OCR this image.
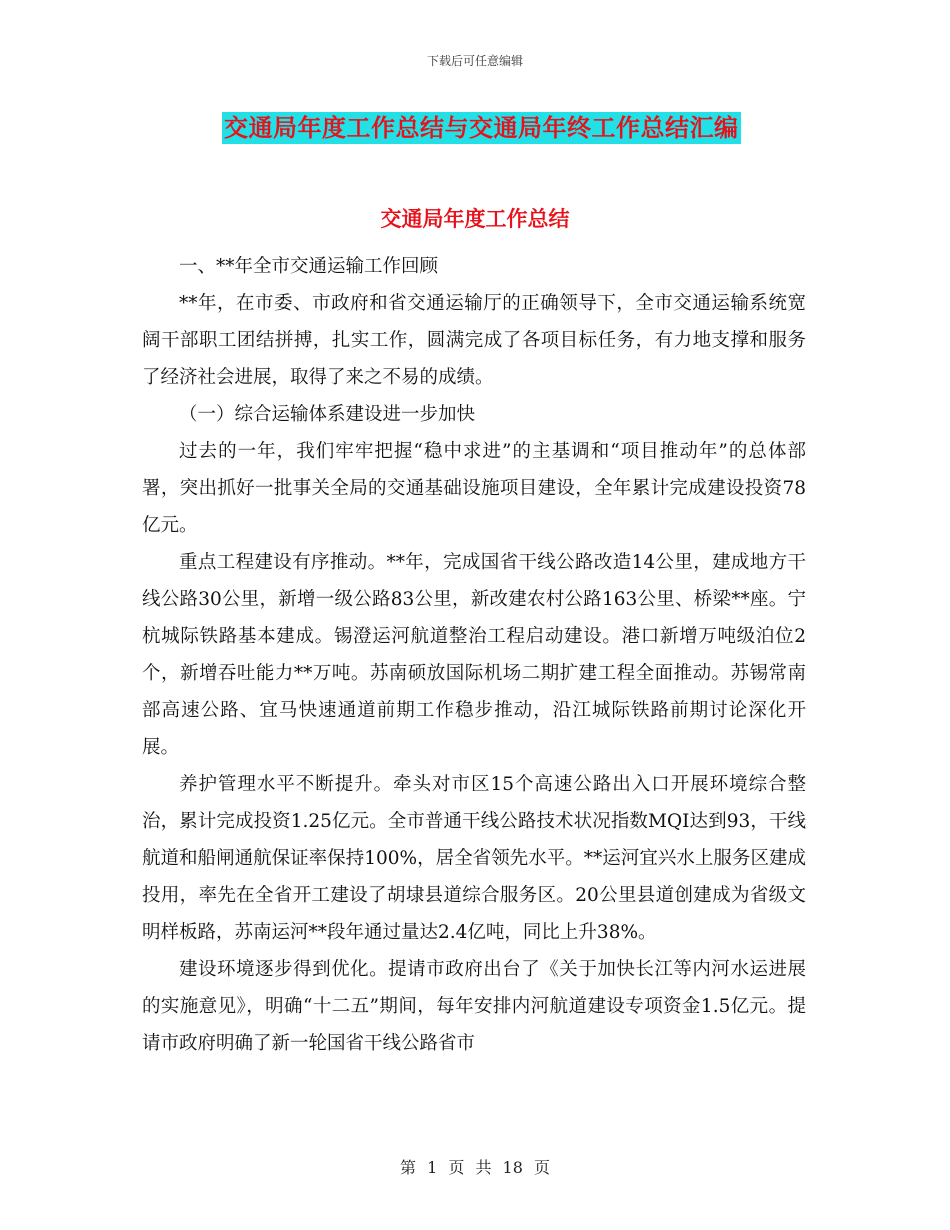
下载后可任意编辑
交通局年度工作总结与交通局年终工作总结汇编
交通局年度工作总结

一、**年全市交通运输工作回顾

**年，在市委、市政府和省交通运输厅的正确领导下，全市交通运输系统宽阔干部职工团结拼搏，扎实工作，圆满完成了各项目标任务，有力地支撑和服务了经济社会进展，取得了来之不易的成绩。

（一）综合运输体系建设进一步加快

过去的一年，我们牢牢把握“稳中求进”的主基调和“项目推动年”的总体部署，突出抓好一批事关全局的交通基础设施项目建设，全年累计完成建设投资78亿元。

重点工程建设有序推动。**年，完成国省干线公路改造14公里，建成地方干线公路30公里，新增一级公路83公里，新改建农村公路163公里、桥梁**座。宁杭城际铁路基本建成。锡澄运河航道整治工程启动建设。港口新增万吨级泊位2个，新增吞吐能力**万吨。苏南硕放国际机场二期扩建工程全面推动。苏锡常南部高速公路、宜马快速通道前期工作稳步推动，沿江城际铁路前期讨论深化开展。

养护管理水平不断提升。牵头对市区15个高速公路出入口开展环境综合整治，累计完成投资1.25亿元。全市普通干线公路技术状况指数MQI达到93，干线航道和船闸通航保证率保持100%，居全省领先水平。**运河宜兴水上服务区建成投用，率先在全省开工建设了胡埭县道综合服务区。20公里县道创建成为省级文明样板路，苏南运河**段年通过量达2.4亿吨，同比上升38%。

建设环境逐步得到优化。提请市政府出台了《关于加快长江等内河水运进展的实施意见》，明确“十二五”期间，每年安排内河航道建设专项资金1.5亿元。提请市政府明确了新一轮国省干线公路省市

第 1 页 共 18 页
